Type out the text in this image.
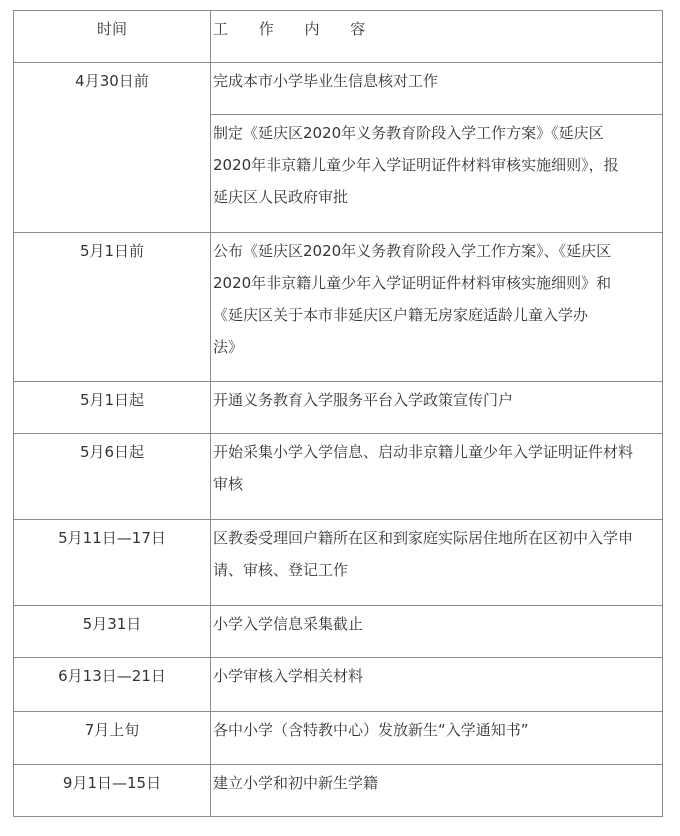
时间	工 作 内 容
4月30日前	完成本市小学毕业生信息核对工作

	制定《延庆区2020年义务教育阶段入学工作方案》《延庆区
2020年非京籍儿童少年入学证明证件材料审核实施细则》，报
延庆区人民政府审批

5月1日前	公布《延庆区2020年义务教育阶段入学工作方案》、《延庆区
2020年非京籍儿童少年入学证明证件材料审核实施细则》和
《延庆区关于本市非延庆区户籍无房家庭适龄儿童入学办
法》

5月1日起	开通义务教育入学服务平台入学政策宣传门户

5月6日起	开始采集小学入学信息、启动非京籍儿童少年入学证明证件材料
审核

5月11日—17日	区教委受理回户籍所在区和到家庭实际居住地所在区初中入学申
请、审核、登记工作

5月31日	小学入学信息采集截止

6月13日—21日	小学审核入学相关材料

7月上旬	各中小学（含特教中心）发放新生“入学通知书”

9月1日—15日	建立小学和初中新生学籍
